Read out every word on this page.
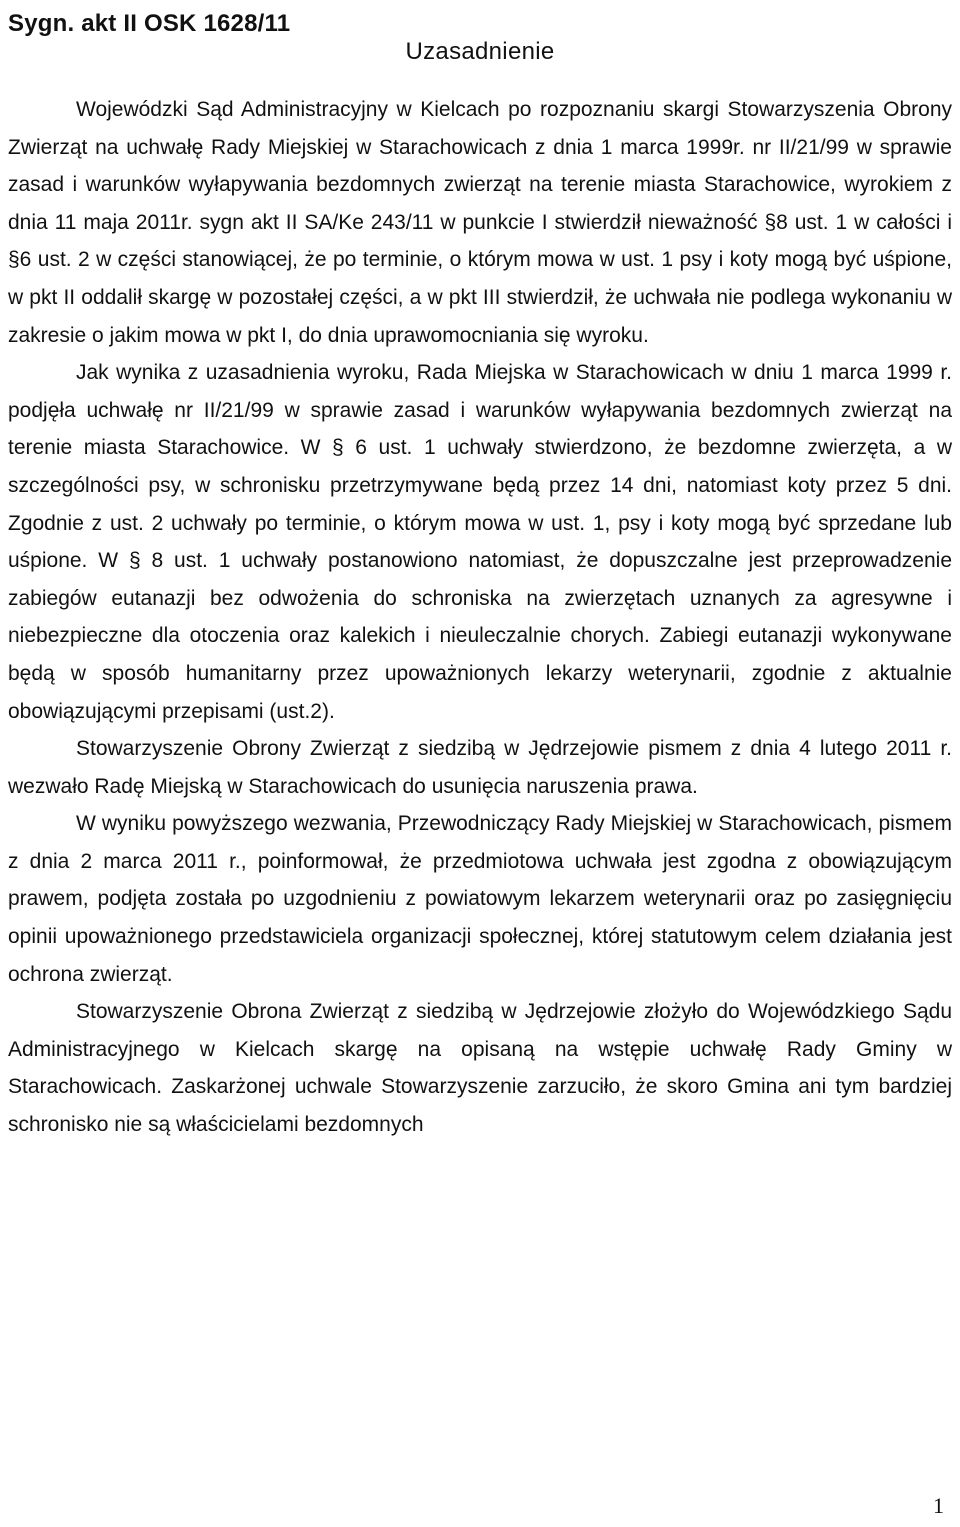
Sygn. akt II OSK 1628/11
Uzasadnienie

Wojewódzki Sąd Administracyjny w Kielcach po rozpoznaniu skargi Stowarzyszenia Obrony Zwierząt na uchwałę Rady Miejskiej w Starachowicach z dnia 1 marca 1999r. nr II/21/99 w sprawie zasad i warunków wyłapywania bezdomnych zwierząt na terenie miasta Starachowice, wyrokiem z dnia 11 maja 2011r. sygn akt II SA/Ke 243/11 w punkcie I stwierdził nieważność §8 ust. 1 w całości i §6 ust. 2 w części stanowiącej, że po terminie, o którym mowa w ust. 1 psy i koty mogą być uśpione, w pkt II oddalił skargę w pozostałej części, a w pkt III stwierdził, że uchwała nie podlega wykonaniu w zakresie o jakim mowa w pkt I, do dnia uprawomocniania się wyroku.

Jak wynika z uzasadnienia wyroku, Rada Miejska w Starachowicach w dniu 1 marca 1999 r. podjęła uchwałę nr II/21/99 w sprawie zasad i warunków wyłapywania bezdomnych zwierząt na terenie miasta Starachowice. W § 6 ust. 1 uchwały stwierdzono, że bezdomne zwierzęta, a w szczególności psy, w schronisku przetrzymywane będą przez 14 dni, natomiast koty przez 5 dni. Zgodnie z ust. 2 uchwały po terminie, o którym mowa w ust. 1, psy i koty mogą być sprzedane lub uśpione. W § 8 ust. 1 uchwały postanowiono natomiast, że dopuszczalne jest przeprowadzenie zabiegów eutanazji bez odwożenia do schroniska na zwierzętach uznanych za agresywne i niebezpieczne dla otoczenia oraz kalekich i nieuleczalnie chorych. Zabiegi eutanazji wykonywane będą w sposób humanitarny przez upoważnionych lekarzy weterynarii, zgodnie z aktualnie obowiązującymi przepisami (ust.2).

Stowarzyszenie Obrony Zwierząt z siedzibą w Jędrzejowie pismem z dnia 4 lutego 2011 r. wezwało Radę Miejską w Starachowicach do usunięcia naruszenia prawa.

W wyniku powyższego wezwania, Przewodniczący Rady Miejskiej w Starachowicach, pismem z dnia 2 marca 2011 r., poinformował, że przedmiotowa uchwała jest zgodna z obowiązującym prawem, podjęta została po uzgodnieniu z powiatowym lekarzem weterynarii oraz po zasięgnięciu opinii upoważnionego przedstawiciela organizacji społecznej, której statutowym celem działania jest ochrona zwierząt.

Stowarzyszenie Obrona Zwierząt z siedzibą w Jędrzejowie złożyło do Wojewódzkiego Sądu Administracyjnego w Kielcach skargę na opisaną na wstępie uchwałę Rady Gminy w Starachowicach. Zaskarżonej uchwale Stowarzyszenie zarzuciło, że skoro Gmina ani tym bardziej schronisko nie są właścicielami bezdomnych

1
